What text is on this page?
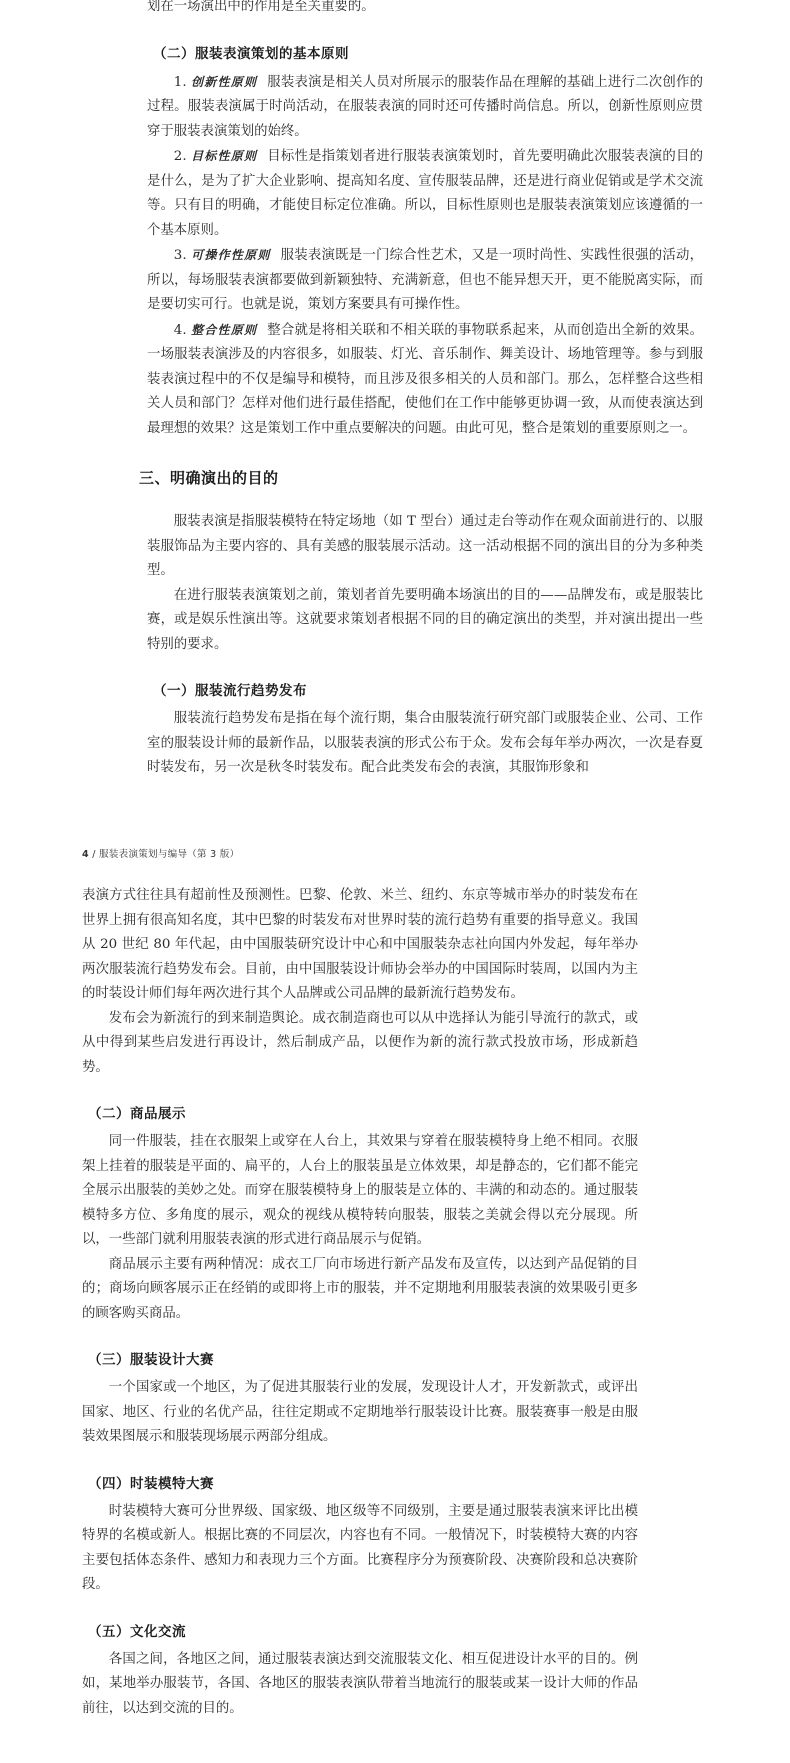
划在一场演出中的作用是至关重要的。

（二）服装表演策划的基本原则

1. 创新性原则 服装表演是相关人员对所展示的服装作品在理解的基础上进行二次创作的过程。服装表演属于时尚活动，在服装表演的同时还可传播时尚信息。所以，创新性原则应贯穿于服装表演策划的始终。

2. 目标性原则 目标性是指策划者进行服装表演策划时，首先要明确此次服装表演的目的是什么，是为了扩大企业影响、提高知名度、宣传服装品牌，还是进行商业促销或是学术交流等。只有目的明确，才能使目标定位准确。所以，目标性原则也是服装表演策划应该遵循的一个基本原则。

3. 可操作性原则 服装表演既是一门综合性艺术，又是一项时尚性、实践性很强的活动，所以，每场服装表演都要做到新颖独特、充满新意，但也不能异想天开，更不能脱离实际，而是要切实可行。也就是说，策划方案要具有可操作性。

4. 整合性原则 整合就是将相关联和不相关联的事物联系起来，从而创造出全新的效果。一场服装表演涉及的内容很多，如服装、灯光、音乐制作、舞美设计、场地管理等。参与到服装表演过程中的不仅是编导和模特，而且涉及很多相关的人员和部门。那么，怎样整合这些相关人员和部门？怎样对他们进行最佳搭配，使他们在工作中能够更协调一致，从而使表演达到最理想的效果？这是策划工作中重点要解决的问题。由此可见，整合是策划的重要原则之一。

三、明确演出的目的

服装表演是指服装模特在特定场地（如 T 型台）通过走台等动作在观众面前进行的、以服装服饰品为主要内容的、具有美感的服装展示活动。这一活动根据不同的演出目的分为多种类型。

在进行服装表演策划之前，策划者首先要明确本场演出的目的——品牌发布，或是服装比赛，或是娱乐性演出等。这就要求策划者根据不同的目的确定演出的类型，并对演出提出一些特别的要求。

（一）服装流行趋势发布

服装流行趋势发布是指在每个流行期，集合由服装流行研究部门或服装企业、公司、工作室的服装设计师的最新作品，以服装表演的形式公布于众。发布会每年举办两次，一次是春夏时装发布，另一次是秋冬时装发布。配合此类发布会的表演，其服饰形象和

4 / 服装表演策划与编导（第 3 版）

表演方式往往具有超前性及预测性。巴黎、伦敦、米兰、纽约、东京等城市举办的时装发布在世界上拥有很高知名度，其中巴黎的时装发布对世界时装的流行趋势有重要的指导意义。我国从 20 世纪 80 年代起，由中国服装研究设计中心和中国服装杂志社向国内外发起，每年举办两次服装流行趋势发布会。目前，由中国服装设计师协会举办的中国国际时装周，以国内为主的时装设计师们每年两次进行其个人品牌或公司品牌的最新流行趋势发布。

发布会为新流行的到来制造舆论。成衣制造商也可以从中选择认为能引导流行的款式，或从中得到某些启发进行再设计，然后制成产品，以便作为新的流行款式投放市场，形成新趋势。

（二）商品展示

同一件服装，挂在衣服架上或穿在人台上，其效果与穿着在服装模特身上绝不相同。衣服架上挂着的服装是平面的、扁平的，人台上的服装虽是立体效果，却是静态的，它们都不能完全展示出服装的美妙之处。而穿在服装模特身上的服装是立体的、丰满的和动态的。通过服装模特多方位、多角度的展示，观众的视线从模特转向服装，服装之美就会得以充分展现。所以，一些部门就利用服装表演的形式进行商品展示与促销。

商品展示主要有两种情况：成衣工厂向市场进行新产品发布及宣传，以达到产品促销的目的；商场向顾客展示正在经销的或即将上市的服装，并不定期地利用服装表演的效果吸引更多的顾客购买商品。

（三）服装设计大赛

一个国家或一个地区，为了促进其服装行业的发展，发现设计人才，开发新款式，或评出国家、地区、行业的名优产品，往往定期或不定期地举行服装设计比赛。服装赛事一般是由服装效果图展示和服装现场展示两部分组成。

（四）时装模特大赛

时装模特大赛可分世界级、国家级、地区级等不同级别，主要是通过服装表演来评比出模特界的名模或新人。根据比赛的不同层次，内容也有不同。一般情况下，时装模特大赛的内容主要包括体态条件、感知力和表现力三个方面。比赛程序分为预赛阶段、决赛阶段和总决赛阶段。

（五）文化交流

各国之间，各地区之间，通过服装表演达到交流服装文化、相互促进设计水平的目的。例如，某地举办服装节，各国、各地区的服装表演队带着当地流行的服装或某一设计大师的作品前往，以达到交流的目的。
